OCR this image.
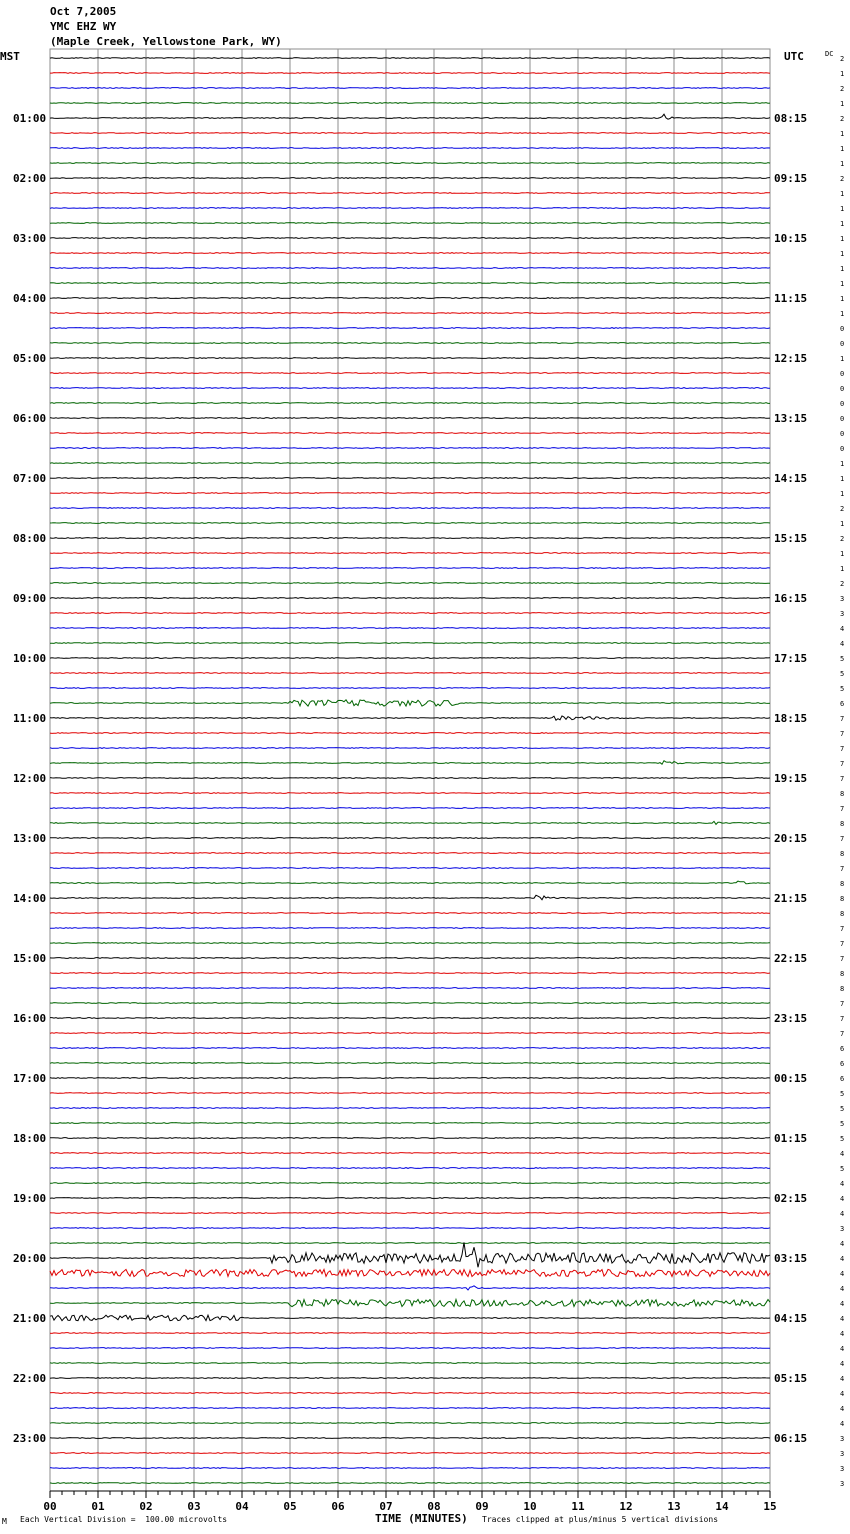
Oct 7,2005
YMC EHZ WY
(Maple Creek, Yellowstone Park, WY)
MST	UTC	DC
01:00
02:00
03:00
04:00
05:00
06:00
07:00
08:00
09:00
10:00
11:00
12:00
13:00
14:00
15:00
16:00
17:00
18:00
19:00
20:00
21:00
22:00
23:00
08:15
09:15
10:15
11:15
12:15
13:15
14:15
15:15
16:15
17:15
18:15
19:15
20:15
21:15
22:15
23:15
00:15
01:15
02:15
03:15
04:15
05:15
06:15
2
1
2
1
2
1
1
1
2
1
1
1
1
1
1
1
1
1
0
0
1
0
0
0
0
0
0
1
1
1
2
1
2
1
1
2
3
3
4
4
5
5
5
6
7
7
7
7
7
8
7
8
7
8
7
8
8
8
7
7
7
8
8
7
7
7
6
6
6
5
5
5
5
4
5
4
4
4
3
4
4
4
4
4
4
4
4
4
4
4
4
4
3
3
3
3
00	01	02	03	04	05	06	07	08	09	10	11	12	13	14	15
TIME (MINUTES)
M Each Vertical Division =  100.00 microvolts	Traces clipped at plus/minus 5 vertical divisions
